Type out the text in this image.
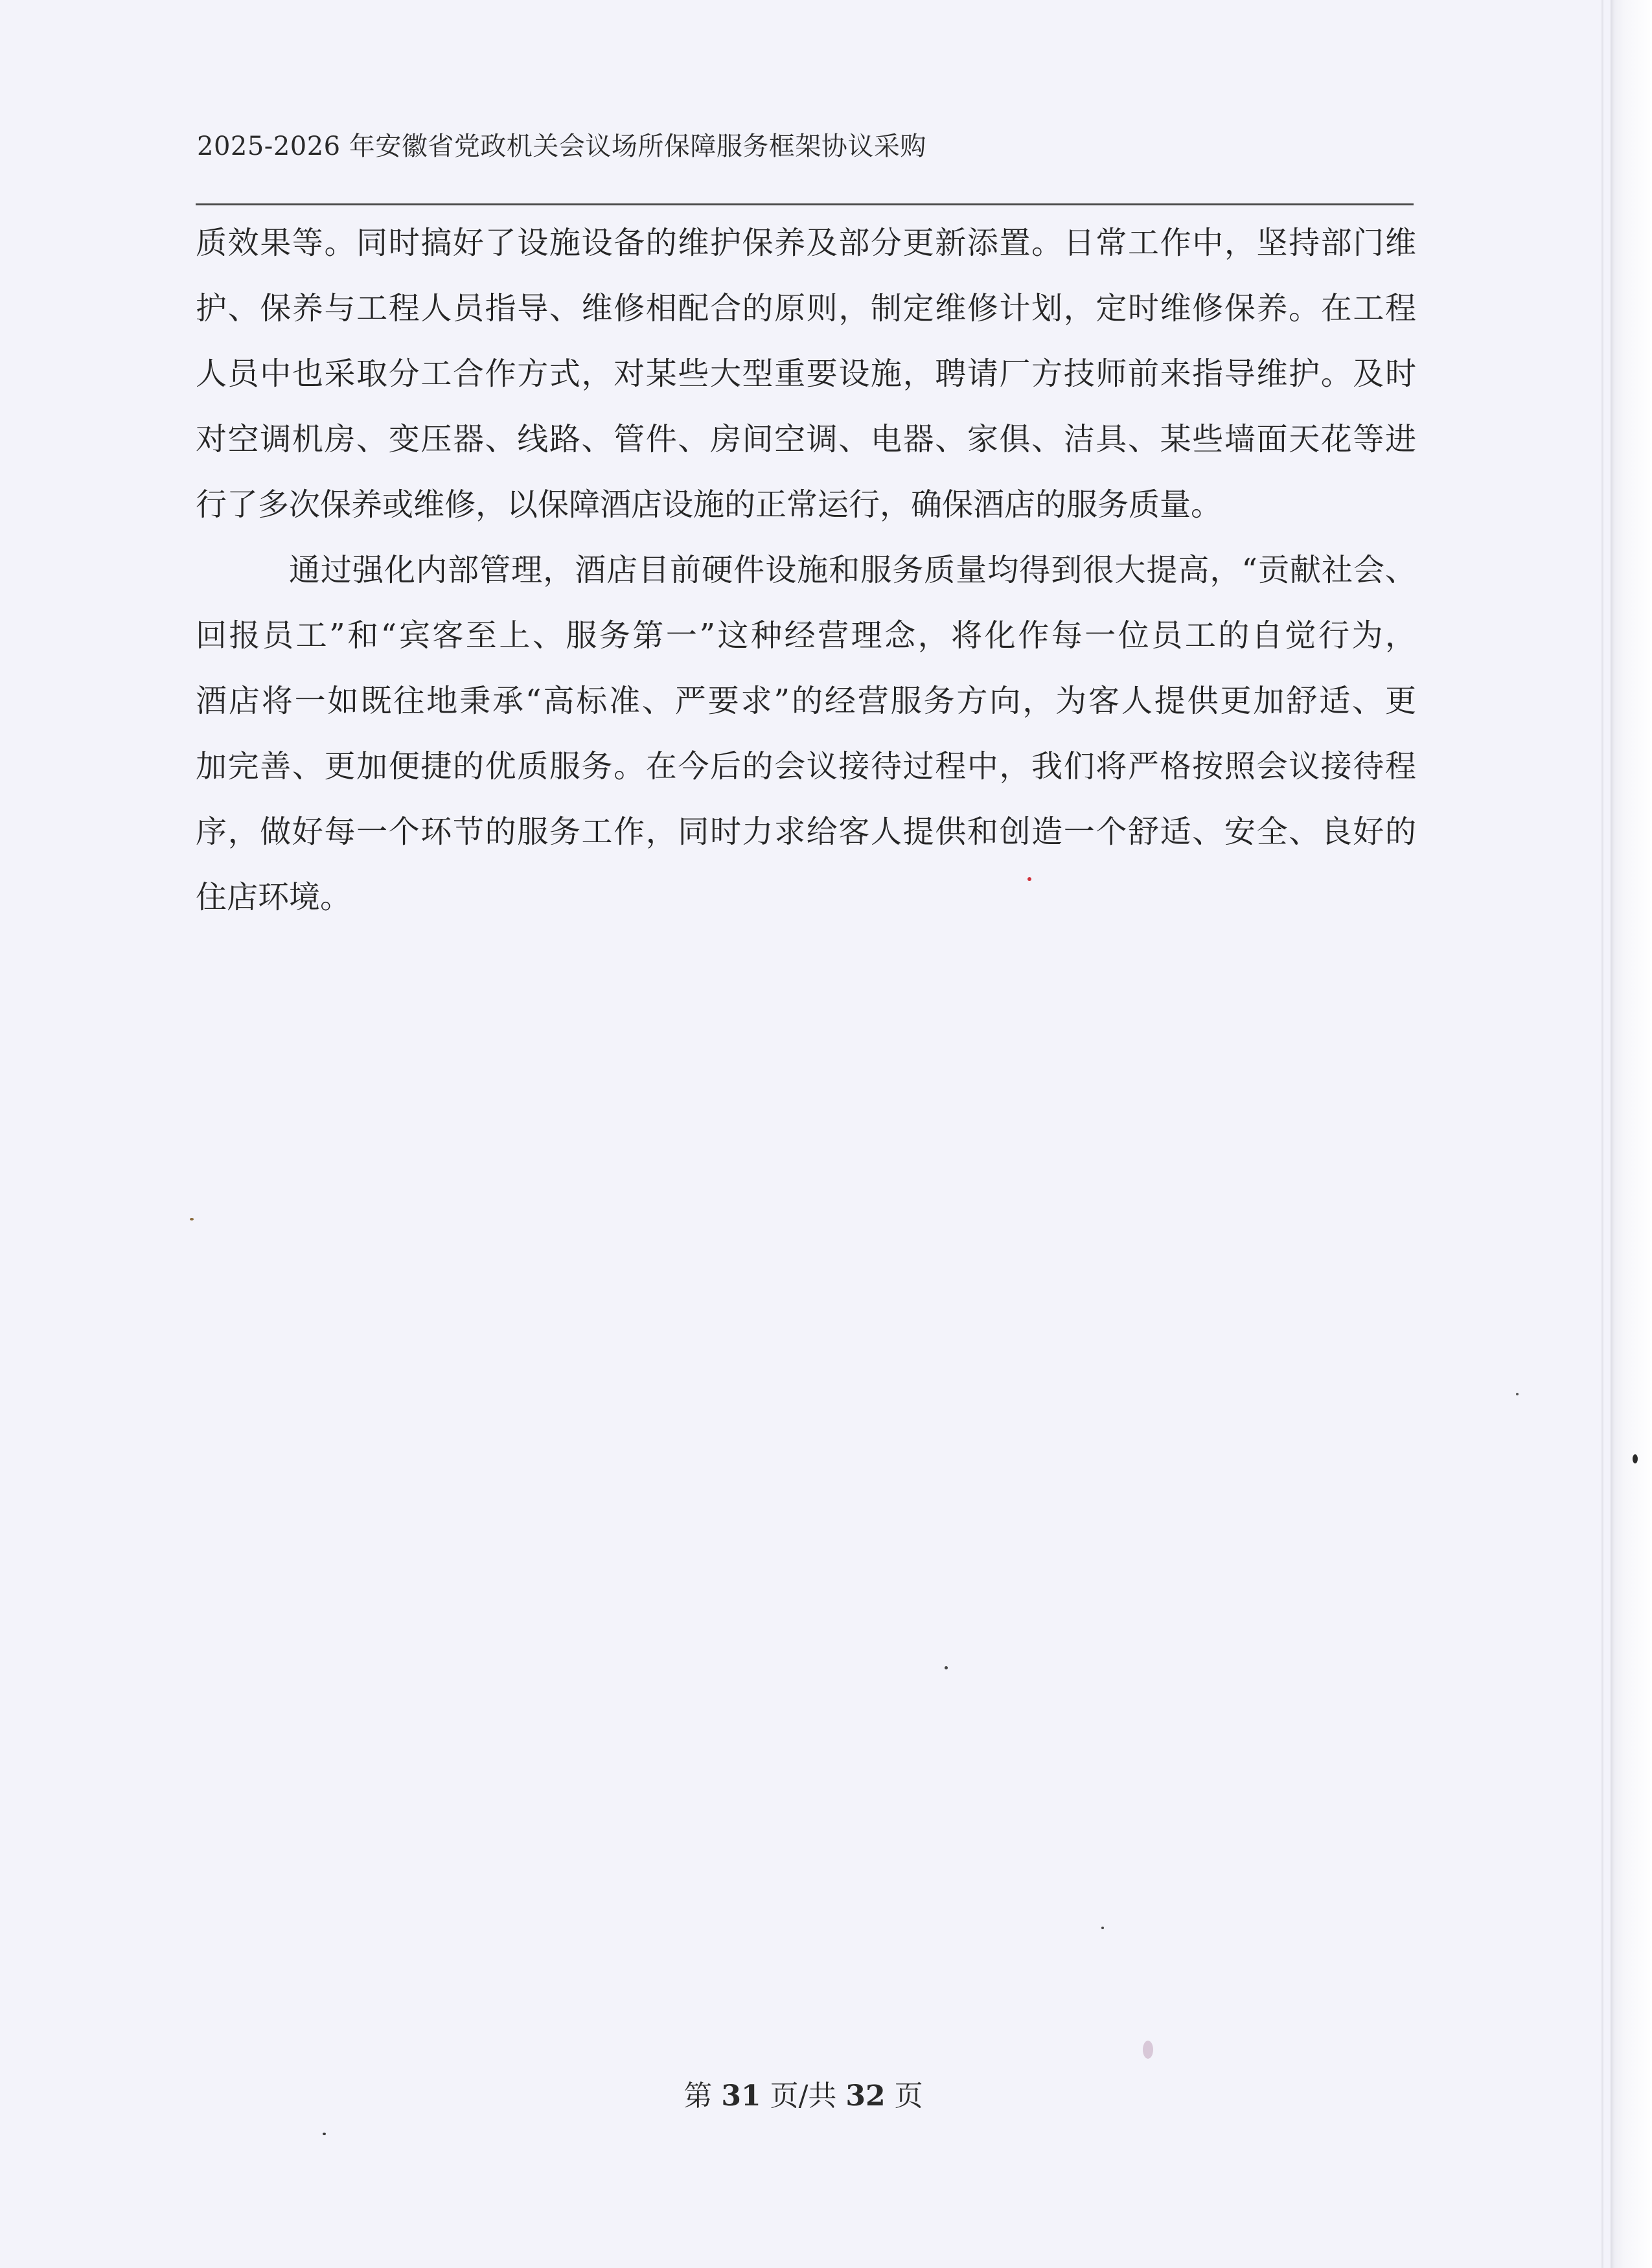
2025-2026 年安徽省党政机关会议场所保障服务框架协议采购
质效果等。同时搞好了设施设备的维护保养及部分更新添置。日常工作中，坚持部门维
护、保养与工程人员指导、维修相配合的原则，制定维修计划，定时维修保养。在工程
人员中也采取分工合作方式，对某些大型重要设施，聘请厂方技师前来指导维护。及时
对空调机房、变压器、线路、管件、房间空调、电器、家俱、洁具、某些墙面天花等进
行了多次保养或维修，以保障酒店设施的正常运行，确保酒店的服务质量。
通过强化内部管理，酒店目前硬件设施和服务质量均得到很大提高，“贡献社会、
回报员工”和“宾客至上、服务第一”这种经营理念，将化作每一位员工的自觉行为，
酒店将一如既往地秉承“高标准、严要求”的经营服务方向，为客人提供更加舒适、更
加完善、更加便捷的优质服务。在今后的会议接待过程中，我们将严格按照会议接待程
序，做好每一个环节的服务工作，同时力求给客人提供和创造一个舒适、安全、良好的
住店环境。
第 31 页/共 32 页
